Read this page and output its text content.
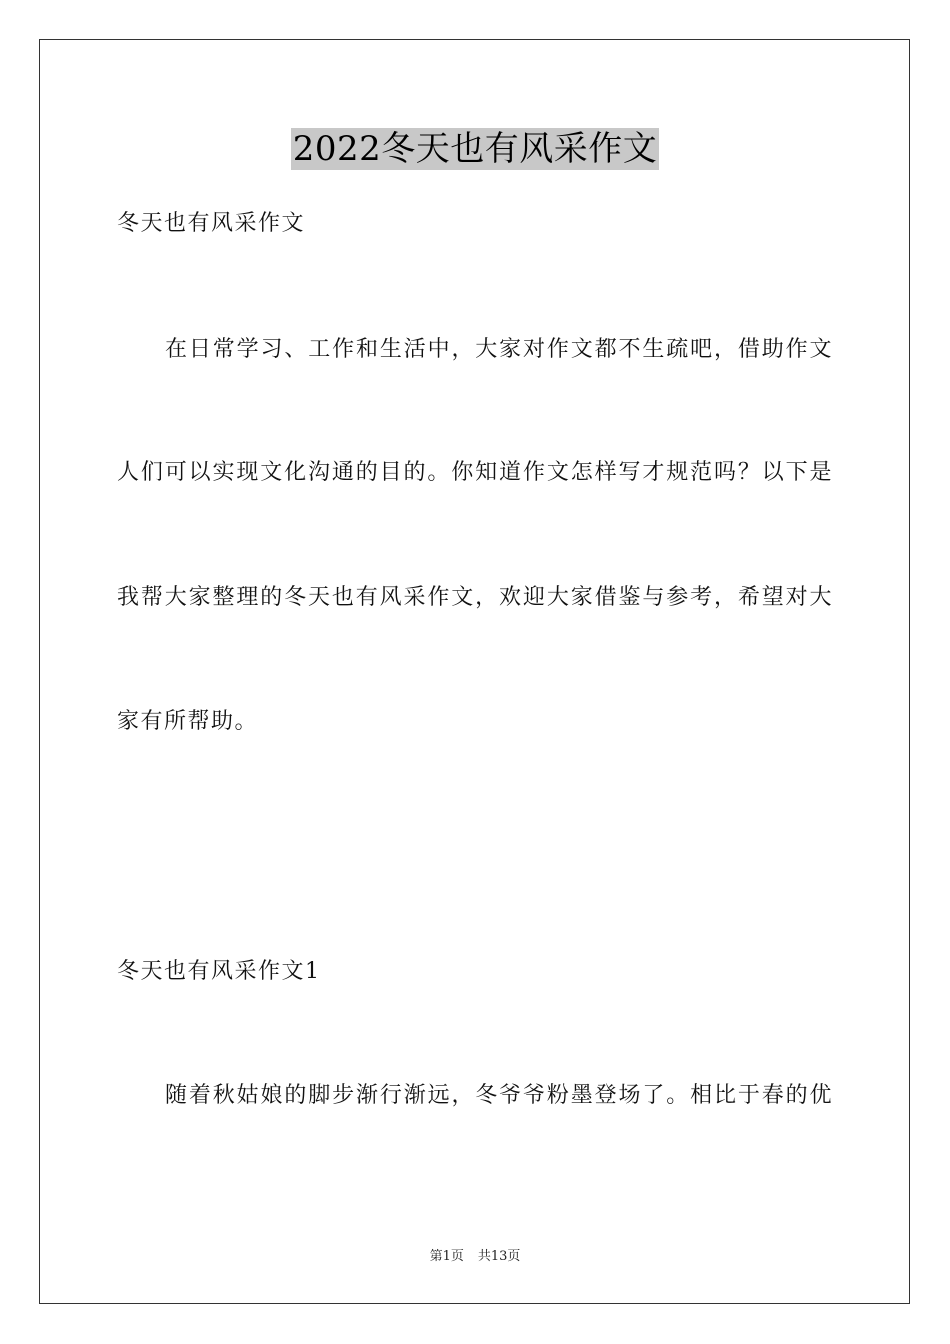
2022冬天也有风采作文
冬天也有风采作文
在日常学习、工作和生活中，大家对作文都不生疏吧，借助作文
人们可以实现文化沟通的目的。你知道作文怎样写才规范吗？以下是
我帮大家整理的冬天也有风采作文，欢迎大家借鉴与参考，希望对大
家有所帮助。
冬天也有风采作文1
随着秋姑娘的脚步渐行渐远，冬爷爷粉墨登场了。相比于春的优
第1页 共13页
